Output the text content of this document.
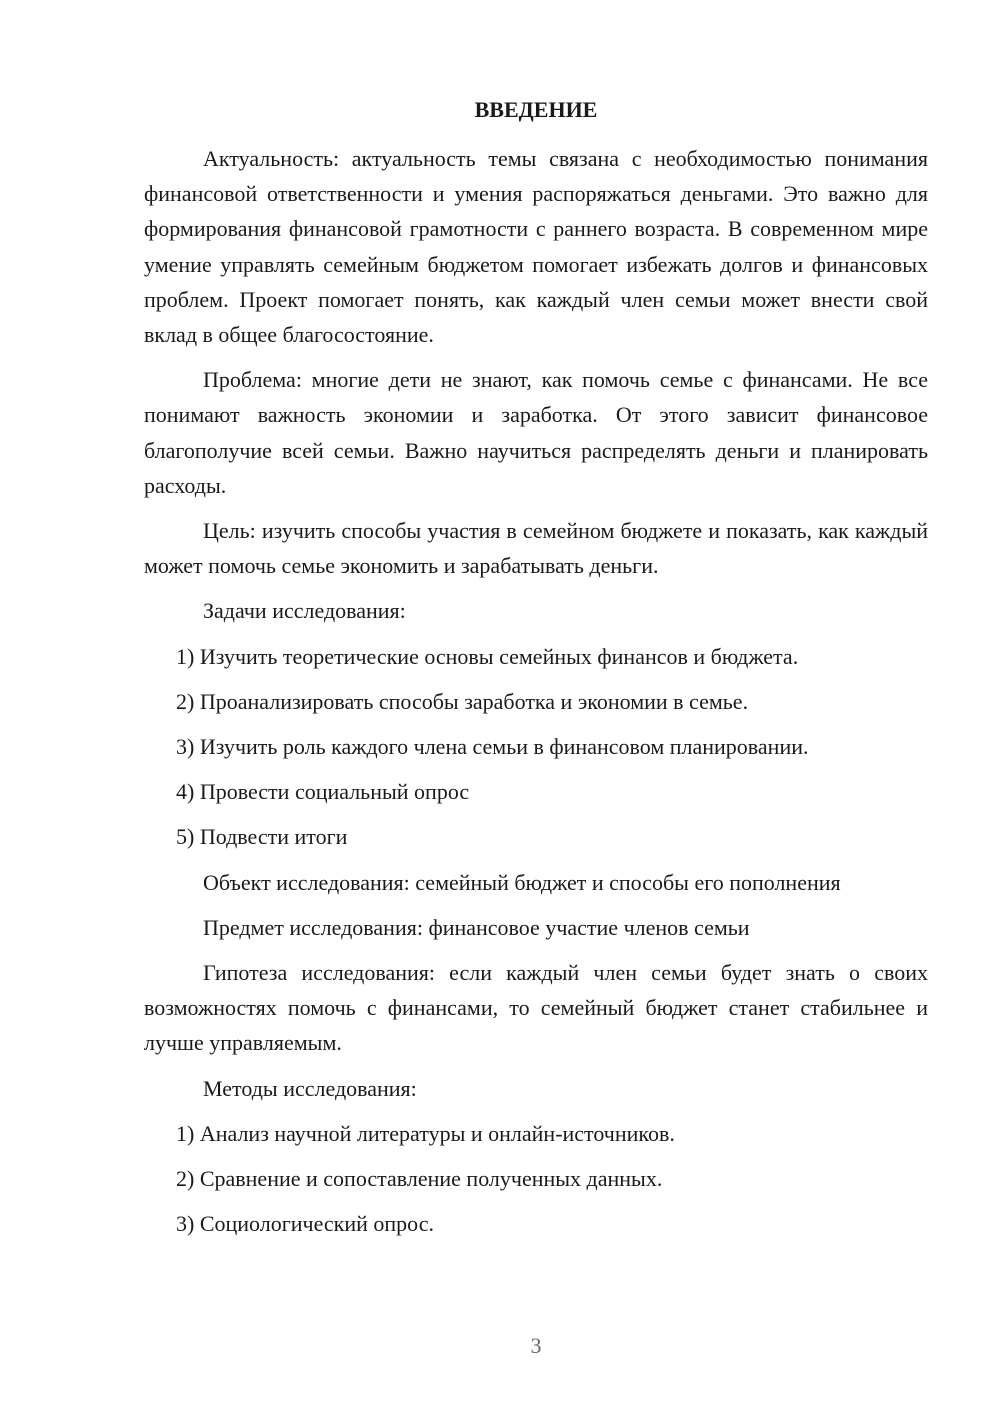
ВВЕДЕНИЕ

Актуальность: актуальность темы связана с необходимостью понимания финансовой ответственности и умения распоряжаться деньгами. Это важно для формирования финансовой грамотности с раннего возраста. В современном мире умение управлять семейным бюджетом помогает избежать долгов и финансовых проблем. Проект помогает понять, как каждый член семьи может внести свой вклад в общее благосостояние.

Проблема: многие дети не знают, как помочь семье с финансами. Не все понимают важность экономии и заработка. От этого зависит финансовое благополучие всей семьи. Важно научиться распределять деньги и планировать расходы.

Цель: изучить способы участия в семейном бюджете и показать, как каждый может помочь семье экономить и зарабатывать деньги.

Задачи исследования:

1) Изучить теоретические основы семейных финансов и бюджета.

2) Проанализировать способы заработка и экономии в семье.

3) Изучить роль каждого члена семьи в финансовом планировании.

4) Провести социальный опрос

5) Подвести итоги

Объект исследования: семейный бюджет и способы его пополнения

Предмет исследования: финансовое участие членов семьи

Гипотеза исследования: если каждый член семьи будет знать о своих возможностях помочь с финансами, то семейный бюджет станет стабильнее и лучше управляемым.

Методы исследования:

1) Анализ научной литературы и онлайн-источников.

2) Сравнение и сопоставление полученных данных.

3) Социологический опрос.

3
